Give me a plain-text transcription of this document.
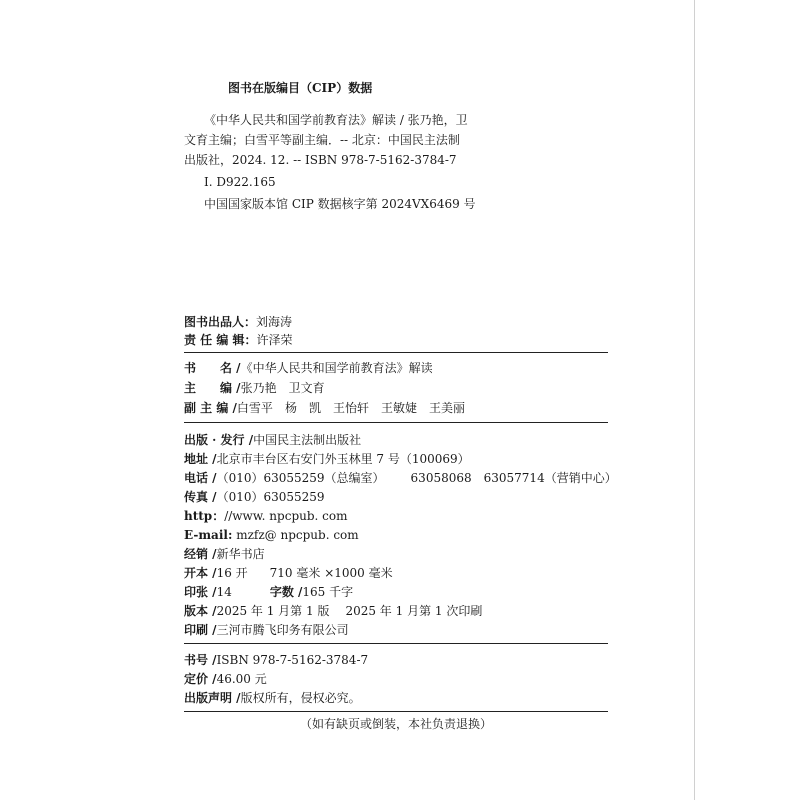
图书在版编目（CIP）数据
《中华人民共和国学前教育法》解读 / 张乃艳，卫
文育主编；白雪平等副主编．-- 北京：中国民主法制
出版社，2024. 12. -- ISBN 978-7-5162-3784-7
Ⅰ. D922.165
中国国家版本馆 CIP 数据核字第 2024VX6469 号
图书出品人：刘海涛
责 任 编 辑：许泽荣
书　　名 /《中华人民共和国学前教育法》解读
主　　编 /张乃艳 卫文育
副 主 编 /白雪平 杨　凯 王怡轩 王敏婕 王美丽
出版 · 发行 /中国民主法制出版社
地址 /北京市丰台区右安门外玉林里 7 号（100069）
电话 /（010）63055259（总编室） 63058068 63057714（营销中心）
传真 /（010）63055259
http：//www. npcpub. com
E-mail: mzfz@ npcpub. com
经销 /新华书店
开本 /16 开 710 毫米 ×1000 毫米
印张 /14	字数 /165 千字
版本 /2025 年 1 月第 1 版 2025 年 1 月第 1 次印刷
印刷 /三河市腾飞印务有限公司
书号 /ISBN 978-7-5162-3784-7
定价 /46.00 元
出版声明 /版权所有，侵权必究。
（如有缺页或倒装，本社负责退换）
